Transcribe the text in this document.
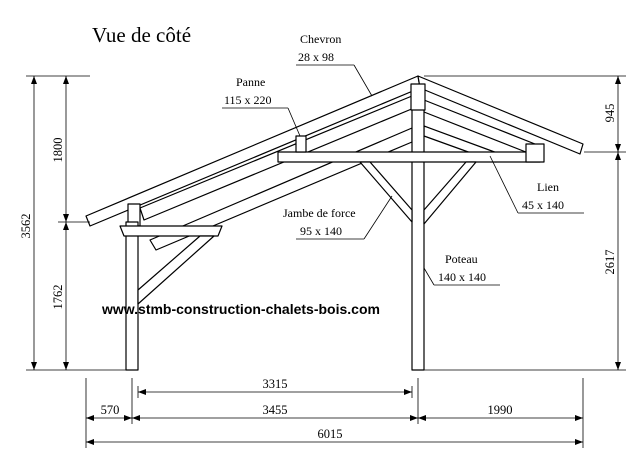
Vue de côté	Chevron
28 x 98
Panne
115 x 220
Jambe de force
95 x 140
Lien
45 x 140
Poteau
140 x 140
www.stmb-construction-chalets-bois.com
3562
1800
1762
945
2617
3315
570	3455	1990
6015
